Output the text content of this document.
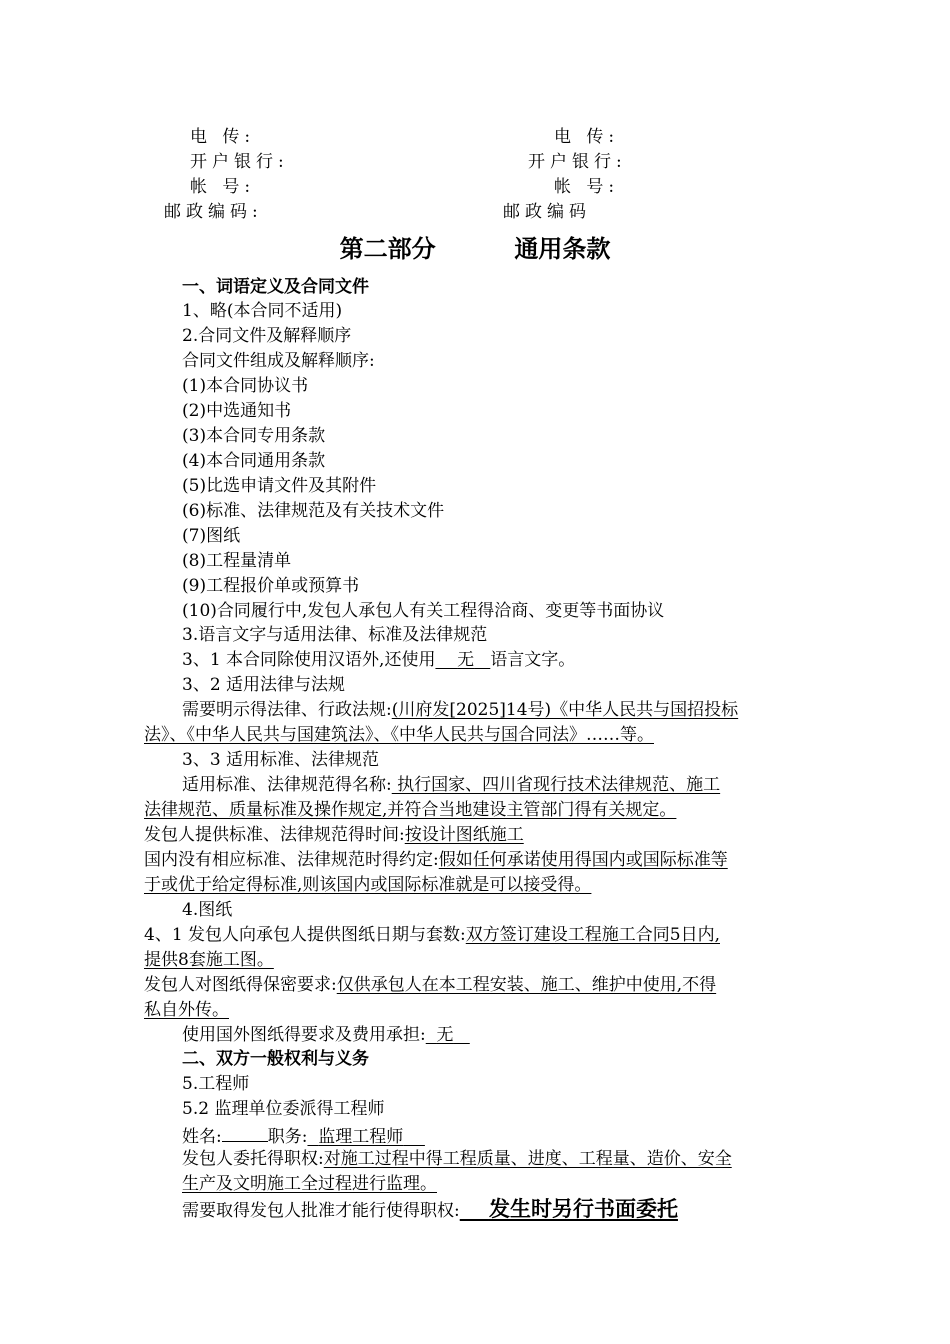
电 传:	电 传:
开户银行:	开户银行:
帐 号:	帐 号:
邮政编码:	邮政编码
第二部分	通用条款
一、词语定义及合同文件
1、略(本合同不适用)
2.合同文件及解释顺序
合同文件组成及解释顺序:
(1)本合同协议书
(2)中选通知书
(3)本合同专用条款
(4)本合同通用条款
(5)比选申请文件及其附件
(6)标准、法律规范及有关技术文件
(7)图纸
(8)工程量清单
(9)工程报价单或预算书
(10)合同履行中,发包人承包人有关工程得洽商、变更等书面协议
3.语言文字与适用法律、标准及法律规范
3、1 本合同除使用汉语外,还使用 无 语言文字。
3、2 适用法律与法规
需要明示得法律、行政法规:(川府发[2025]14号)《中华人民共与国招投标
法》、《中华人民共与国建筑法》、《中华人民共与国合同法》……等。
3、3 适用标准、法律规范
适用标准、法律规范得名称: 执行国家、四川省现行技术法律规范、施工
法律规范、质量标准及操作规定,并符合当地建设主管部门得有关规定。
发包人提供标准、法律规范得时间:按设计图纸施工
国内没有相应标准、法律规范时得约定:假如任何承诺使用得国内或国际标准等
于或优于给定得标准,则该国内或国际标准就是可以接受得。
4.图纸
4、1 发包人向承包人提供图纸日期与套数:双方签订建设工程施工合同5日内,
提供8套施工图。
发包人对图纸得保密要求:仅供承包人在本工程安装、施工、维护中使用,不得
私自外传。
使用国外图纸得要求及费用承担: 无
二、双方一般权利与义务
5.工程师
5.2 监理单位委派得工程师
姓名:	职务: 监理工程师
发包人委托得职权:对施工过程中得工程质量、进度、工程量、造价、安全
生产及文明施工全过程进行监理。
需要取得发包人批准才能行使得职权: 发生时另行书面委托
